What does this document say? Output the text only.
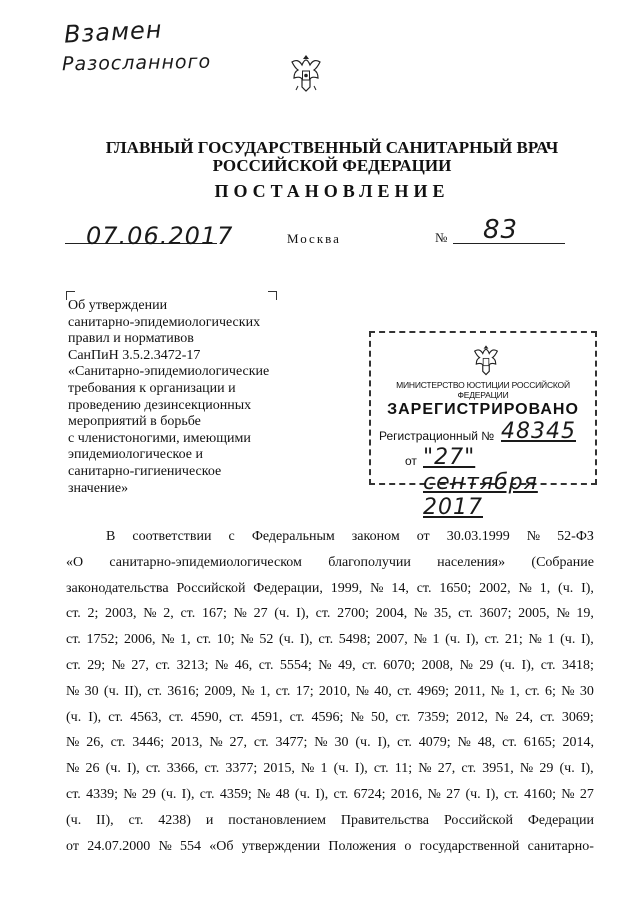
Взамен
Разосланного
ГЛАВНЫЙ ГОСУДАРСТВЕННЫЙ САНИТАРНЫЙ ВРАЧ
РОССИЙСКОЙ ФЕДЕРАЦИИ
ПОСТАНОВЛЕНИЕ
07.06.2017	Москва	№ 83
Об утверждении
санитарно-эпидемиологических
правил и нормативов
СанПиН 3.5.2.3472-17
«Санитарно-эпидемиологические
требования к организации и
проведению дезинсекционных
мероприятий в борьбе
с членистоногими, имеющими
эпидемиологическое и
санитарно-гигиеническое
значение»
МИНИСТЕРСТВО ЮСТИЦИИ РОССИЙСКОЙ ФЕДЕРАЦИИ
ЗАРЕГИСТРИРОВАНО
Регистрационный № 48345
от "27" сентября 2017
В соответствии с Федеральным законом от 30.03.1999 № 52-ФЗ
«О санитарно-эпидемиологическом благополучии населения» (Собрание
законодательства Российской Федерации, 1999, № 14, ст. 1650; 2002, № 1, (ч. I),
ст. 2; 2003, № 2, ст. 167; № 27 (ч. I), ст. 2700; 2004, № 35, ст. 3607; 2005, № 19,
ст. 1752; 2006, № 1, ст. 10; № 52 (ч. I), ст. 5498; 2007, № 1 (ч. I), ст. 21; № 1 (ч. I),
ст. 29; № 27, ст. 3213; № 46, ст. 5554; № 49, ст. 6070; 2008, № 29 (ч. I), ст. 3418;
№ 30 (ч. II), ст. 3616; 2009, № 1, ст. 17; 2010, № 40, ст. 4969; 2011, № 1, ст. 6; № 30
(ч. I), ст. 4563, ст. 4590, ст. 4591, ст. 4596; № 50, ст. 7359; 2012, № 24, ст. 3069;
№ 26, ст. 3446; 2013, № 27, ст. 3477; № 30 (ч. I), ст. 4079; № 48, ст. 6165; 2014,
№ 26 (ч. I), ст. 3366, ст. 3377; 2015, № 1 (ч. I), ст. 11; № 27, ст. 3951, № 29 (ч. I),
ст. 4339; № 29 (ч. I), ст. 4359; № 48 (ч. I), ст. 6724; 2016, № 27 (ч. I), ст. 4160; № 27
(ч. II), ст. 4238) и постановлением Правительства Российской Федерации
от 24.07.2000 № 554 «Об утверждении Положения о государственной санитарно-
